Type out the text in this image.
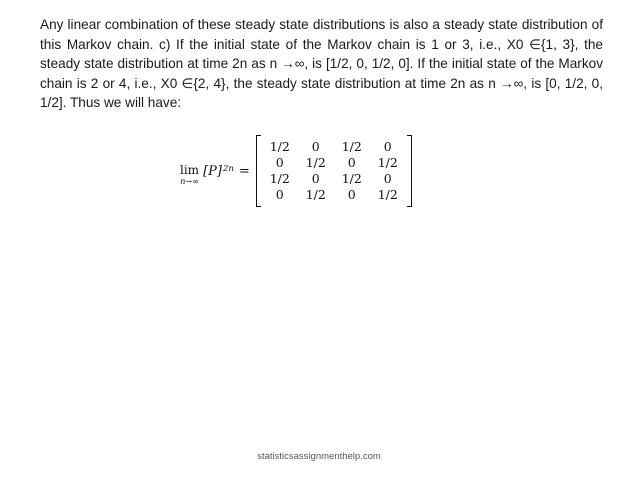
Any linear combination of these steady state distributions is also a steady state distribution of this Markov chain. c) If the initial state of the Markov chain is 1 or 3, i.e., X0 ∈{1, 3}, the steady state distribution at time 2n as n →∞, is [1/2, 0, 1/2, 0]. If the initial state of the Markov chain is 2 or 4, i.e., X0 ∈{2, 4}, the steady state distribution at time 2n as n →∞, is [0, 1/2, 0, 1/2]. Thus we will have:

lim
n→∞
$[P]^{2n}$ =
1/2	0	1/2	0
0	1/2	0	1/2
1/2	0	1/2	0
0	1/2	0	1/2
statisticsassignmenthelp.com
